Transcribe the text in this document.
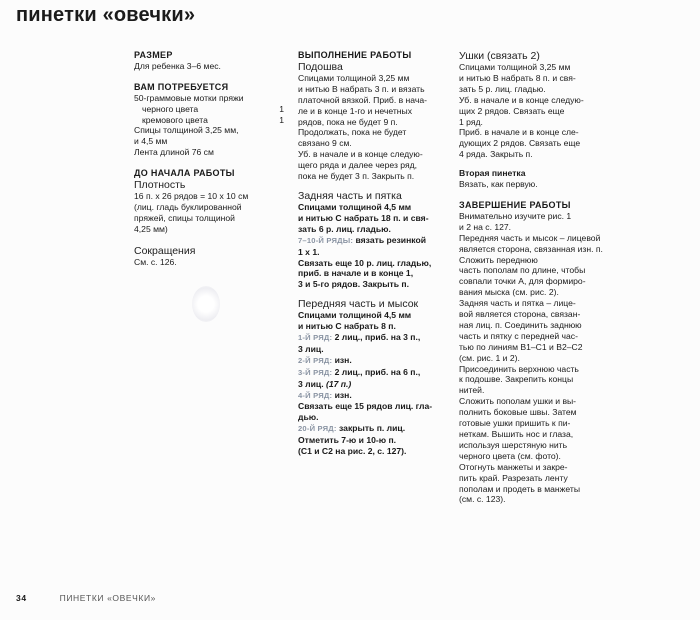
пинетки «овечки»

РАЗМЕР

Для ребенка 3–6 мес.

ВАМ ПОТРЕБУЕТСЯ

50-граммовые мотки пряжи

черного цвета	1
кремового цвета	1

Спицы толщиной 3,25 мм,

и 4,5 мм

Лента длиной 76 см

ДО НАЧАЛА РАБОТЫ

Плотность

16 п. х 26 рядов = 10 х 10 см

(лиц. гладь буклированной

пряжей, спицы толщиной

4,25 мм)

Сокращения

См. с. 126.

ВЫПОЛНЕНИЕ РАБОТЫ

Подошва

Спицами толщиной 3,25 мм

и нитью В набрать 3 п. и вязать

платочной вязкой. Приб. в нача-

ле и в конце 1-го и нечетных

рядов, пока не будет 9 п.

Продолжать, пока не будет

связано 9 см.

Уб. в начале и в конце следую-

щего ряда и далее через ряд,

пока не будет 3 п. Закрыть п.

Задняя часть и пятка

Спицами толщиной 4,5 мм

и нитью С набрать 18 п. и свя-

зать 6 р. лиц. гладью.

7–10-Й РЯДЫ: вязать резинкой

1 х 1.

Связать еще 10 р. лиц. гладью,

приб. в начале и в конце 1,

3 и 5-го рядов. Закрыть п.

Передняя часть и мысок

Спицами толщиной 4,5 мм

и нитью С набрать 8 п.

1-Й РЯД: 2 лиц., приб. на 3 п.,

3 лиц.

2-Й РЯД: изн.

3-Й РЯД: 2 лиц., приб. на 6 п.,

3 лиц. (17 п.)

4-Й РЯД: изн.

Связать еще 15 рядов лиц. гла-

дью.

20-Й РЯД: закрыть п. лиц.

Отметить 7-ю и 10-ю п.

(С1 и С2 на рис. 2, с. 127).

Ушки (связать 2)

Спицами толщиной 3,25 мм

и нитью В набрать 8 п. и свя-

зать 5 р. лиц. гладью.

Уб. в начале и в конце следую-

щих 2 рядов. Связать еще

1 ряд.

Приб. в начале и в конце сле-

дующих 2 рядов. Связать еще

4 ряда. Закрыть п.

Вторая пинетка

Вязать, как первую.

ЗАВЕРШЕНИЕ РАБОТЫ

Внимательно изучите рис. 1

и 2 на с. 127.

Передняя часть и мысок – лицевой

является сторона, связанная изн. п.

Сложить переднюю

часть пополам по длине, чтобы

совпали точки А, для формиро-

вания мыска (см. рис. 2).

Задняя часть и пятка – лице-

вой является сторона, связан-

ная лиц. п. Соединить заднюю

часть и пятку с передней час-

тью по линиям В1–С1 и В2–С2

(см. рис. 1 и 2).

Присоединить верхнюю часть

к подошве. Закрепить концы

нитей.

Сложить пополам ушки и вы-

полнить боковые швы. Затем

готовые ушки пришить к пи-

неткам. Вышить нос и глаза,

используя шерстяную нить

черного цвета (см. фото).

Отогнуть манжеты и закре-

пить край. Разрезать ленту

пополам и продеть в манжеты

(см. с. 123).

34	ПИНЕТКИ «ОВЕЧКИ»
